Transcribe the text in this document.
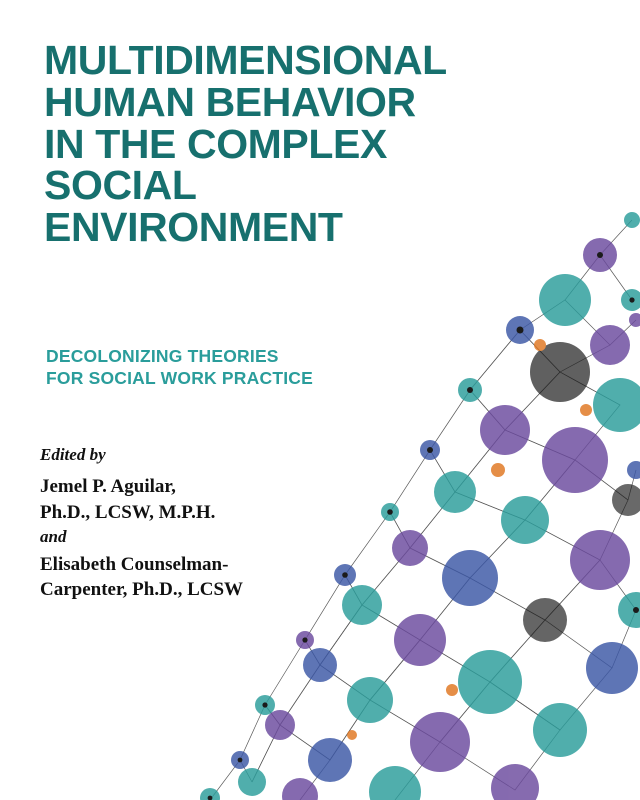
MULTIDIMENSIONAL
HUMAN BEHAVIOR
IN THE COMPLEX
SOCIAL
ENVIRONMENT
DECOLONIZING THEORIES
FOR SOCIAL WORK PRACTICE
Edited by
Jemel P. Aguilar,
Ph.D., LCSW, M.P.H.
and
Elisabeth Counselman-
Carpenter, Ph.D., LCSW
